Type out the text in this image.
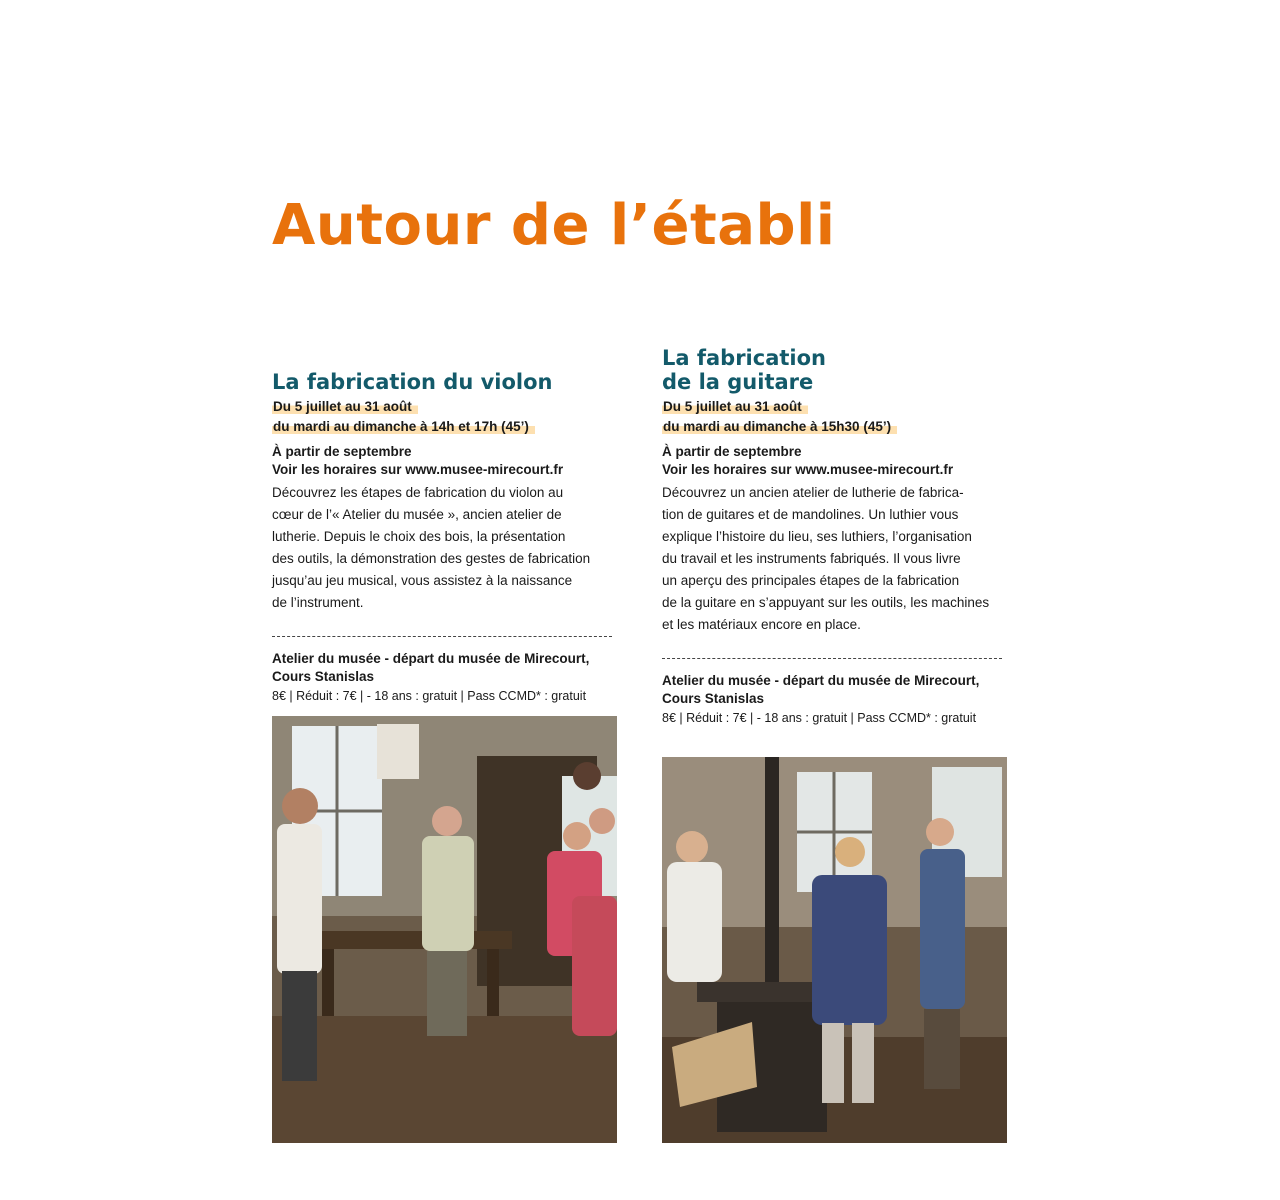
Autour de l’établi
La fabrication du violon
Du 5 juillet au 31 août
du mardi au dimanche à 14h et 17h (45’)
À partir de septembre
Voir les horaires sur www.musee-mirecourt.fr

Découvrez les étapes de fabrication du violon au
cœur de l’« Atelier du musée », ancien atelier de
lutherie. Depuis le choix des bois, la présentation
des outils, la démonstration des gestes de fabrication
jusqu’au jeu musical, vous assistez à la naissance
de l’instrument.

Atelier du musée - départ du musée de Mirecourt,
Cours Stanislas
8€ | Réduit : 7€ | - 18 ans : gratuit | Pass CCMD* : gratuit
La fabrication
de la guitare
Du 5 juillet au 31 août
du mardi au dimanche à 15h30 (45’)
À partir de septembre
Voir les horaires sur www.musee-mirecourt.fr

Découvrez un ancien atelier de lutherie de fabrica-
tion de guitares et de mandolines. Un luthier vous
explique l’histoire du lieu, ses luthiers, l’organisation
du travail et les instruments fabriqués. Il vous livre
un aperçu des principales étapes de la fabrication
de la guitare en s’appuyant sur les outils, les machines
et les matériaux encore en place.

Atelier du musée - départ du musée de Mirecourt,
Cours Stanislas
8€ | Réduit : 7€ | - 18 ans : gratuit | Pass CCMD* : gratuit
